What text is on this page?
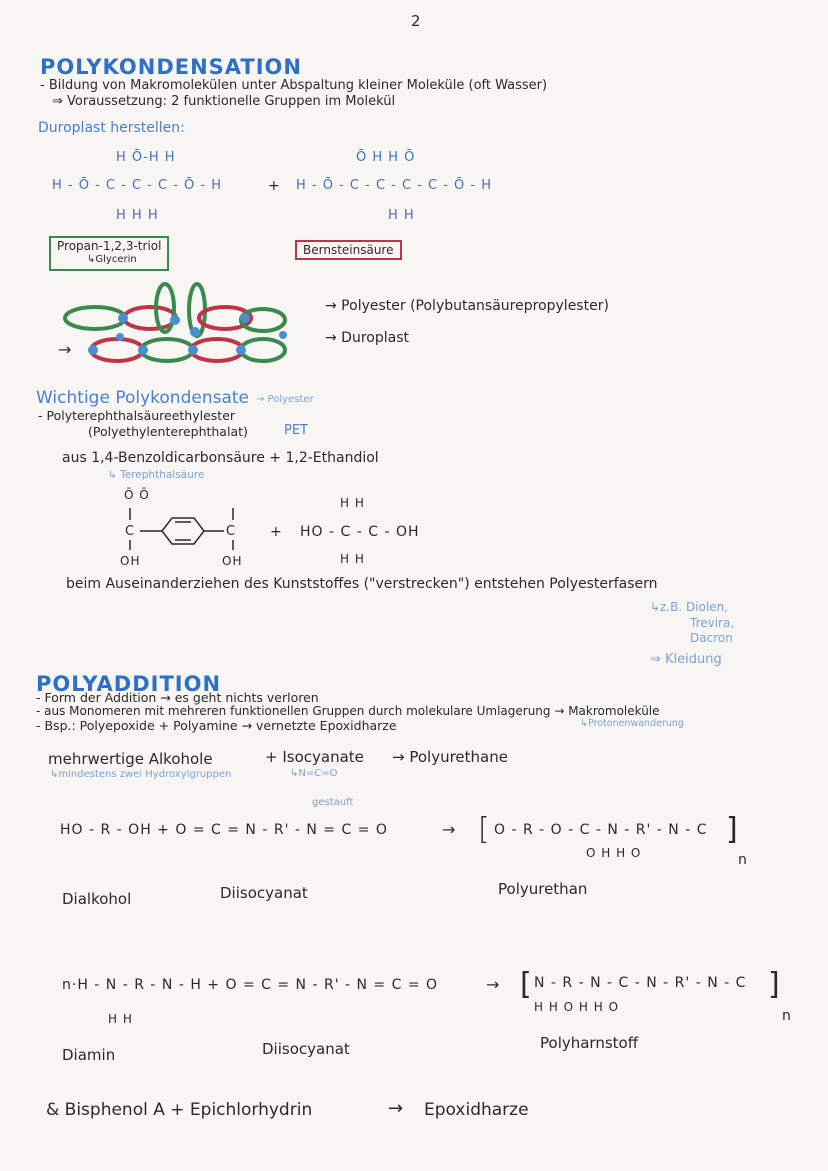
2
POLYKONDENSATION
- Bildung von Makromolekülen unter Abspaltung kleiner Moleküle (oft Wasser)
⇒ Voraussetzung: 2 funktionelle Gruppen im Molekül
Duroplast herstellen:
H Ō-H H
H - Ō - C - C - C - Ō - H
H H H
+
Ō H H Ō
H - Ō - C - C - C - C - Ō - H
H H
Propan-1,2,3-triol
↳Glycerin
Bernsteinsäure
→
→ Polyester (Polybutansäurepropylester)
→ Duroplast
Wichtige Polykondensate → Polyester
- Polyterephthalsäureethylester
(Polyethylenterephthalat)	PET
aus 1,4-Benzoldicarbonsäure + 1,2-Ethandiol
↳ Terephthalsäure
Ō Ō
C	C
OH	OH
+
H H
HO - C - C - OH
H H
beim Auseinanderziehen des Kunststoffes ("verstrecken") entstehen Polyesterfasern
↳z.B. Diolen,
Trevira,
Dacron
⇒ Kleidung
POLYADDITION
- Form der Addition → es geht nichts verloren
- aus Monomeren mit mehreren funktionellen Gruppen durch molekulare Umlagerung → Makromoleküle
↳Protonenwanderung
- Bsp.: Polyepoxide + Polyamine → vernetzte Epoxidharze
mehrwertige Alkohole
↳mindestens zwei Hydroxylgruppen
+ Isocyanate
↳N=C=O
→ Polyurethane
gestauft
HO - R - OH + O = C = N - R' - N = C = O	→ [ O - R - O - C - N - R' - N - C
O H H O
]
n
Dialkohol	Diisocyanat	Polyurethan
n·H - N - R - N - H + O = C = N - R' - N = C = O
H H
→ [ N - R - N - C - N - R' - N - C
H H O H H O
]
n
Diamin	Diisocyanat	Polyharnstoff
& Bisphenol A + Epichlorhydrin	→ Epoxidharze
